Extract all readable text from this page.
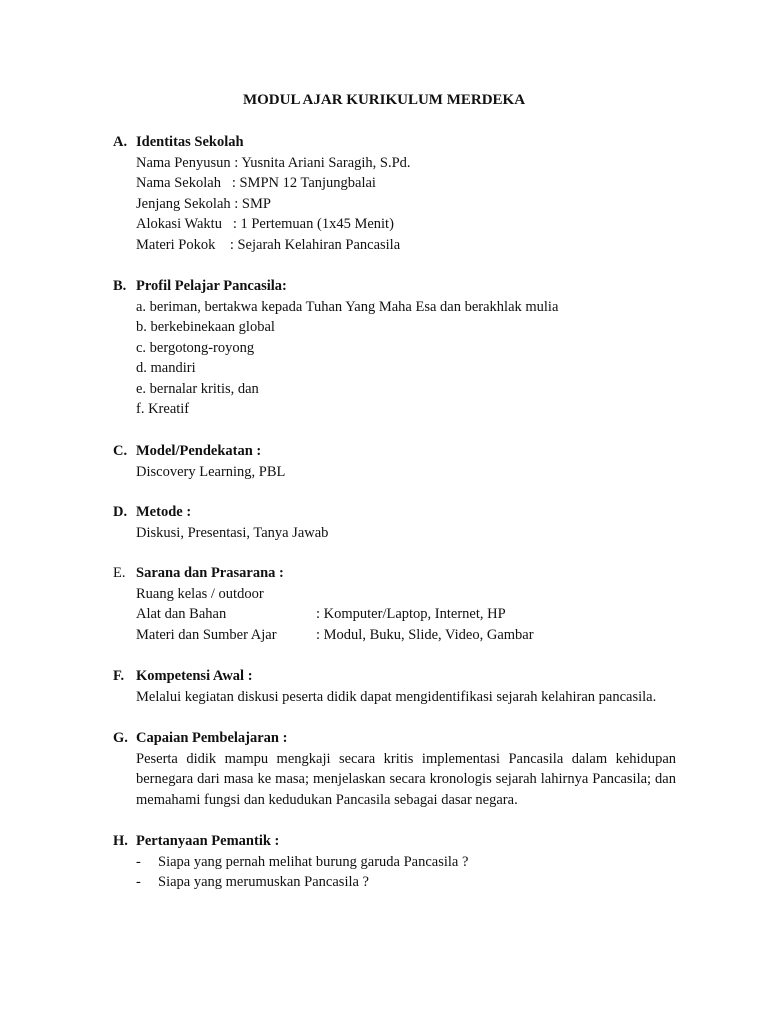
MODUL AJAR KURIKULUM MERDEKA
A. Identitas Sekolah
Nama Penyusun : Yusnita Ariani Saragih, S.Pd.
Nama Sekolah   : SMPN 12 Tanjungbalai
Jenjang Sekolah : SMP
Alokasi Waktu   : 1 Pertemuan (1x45 Menit)
Materi Pokok    : Sejarah Kelahiran Pancasila
B. Profil Pelajar Pancasila:
a. beriman, bertakwa kepada Tuhan Yang Maha Esa dan berakhlak mulia
b. berkebinekaan global
c. bergotong-royong
d. mandiri
e. bernalar kritis, dan
f. Kreatif
C. Model/Pendekatan :
Discovery Learning, PBL
D. Metode :
Diskusi, Presentasi, Tanya Jawab
E. Sarana dan Prasarana :
Ruang kelas / outdoor
Alat dan Bahan	: Komputer/Laptop, Internet, HP
Materi dan Sumber Ajar	: Modul, Buku, Slide, Video, Gambar
F. Kompetensi Awal :
Melalui kegiatan diskusi peserta didik dapat mengidentifikasi sejarah kelahiran pancasila.
G. Capaian Pembelajaran :
Peserta didik mampu mengkaji secara kritis implementasi Pancasila dalam kehidupan bernegara dari masa ke masa; menjelaskan secara kronologis sejarah lahirnya Pancasila; dan memahami fungsi dan kedudukan Pancasila sebagai dasar negara.
H. Pertanyaan Pemantik :
-	Siapa yang pernah melihat burung garuda Pancasila ?
-	Siapa yang merumuskan Pancasila ?
